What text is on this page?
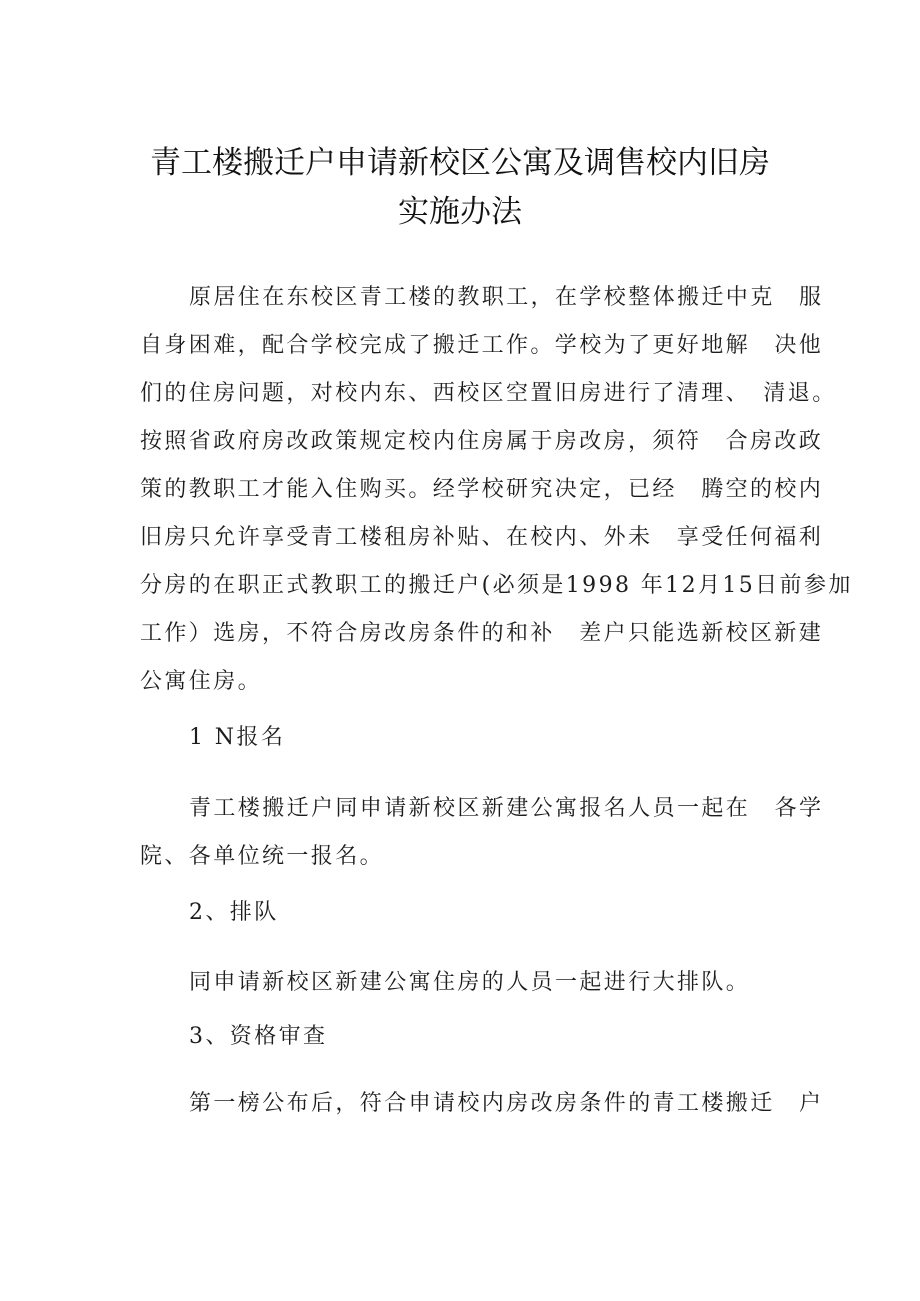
青工楼搬迁户申请新校区公寓及调售校内旧房
实施办法
原居住在东校区青工楼的教职工，在学校整体搬迁中克　服
自身困难，配合学校完成了搬迁工作。学校为了更好地解　决他
们的住房问题，对校内东、西校区空置旧房进行了清理、　清退。
按照省政府房改政策规定校内住房属于房改房，须符　合房改政
策的教职工才能入住购买。经学校研究决定，已经　腾空的校内
旧房只允许享受青工楼租房补贴、在校内、外未　享受任何福利
分房的在职正式教职工的搬迁户(必须是1998 年12月15日前参加
工作）选房，不符合房改房条件的和补　差户只能选新校区新建
公寓住房。
1 N报名
青工楼搬迁户同申请新校区新建公寓报名人员一起在　各学
院、各单位统一报名。
2、排队
同申请新校区新建公寓住房的人员一起进行大排队。
3、资格审查
第一榜公布后，符合申请校内房改房条件的青工楼搬迁　户
